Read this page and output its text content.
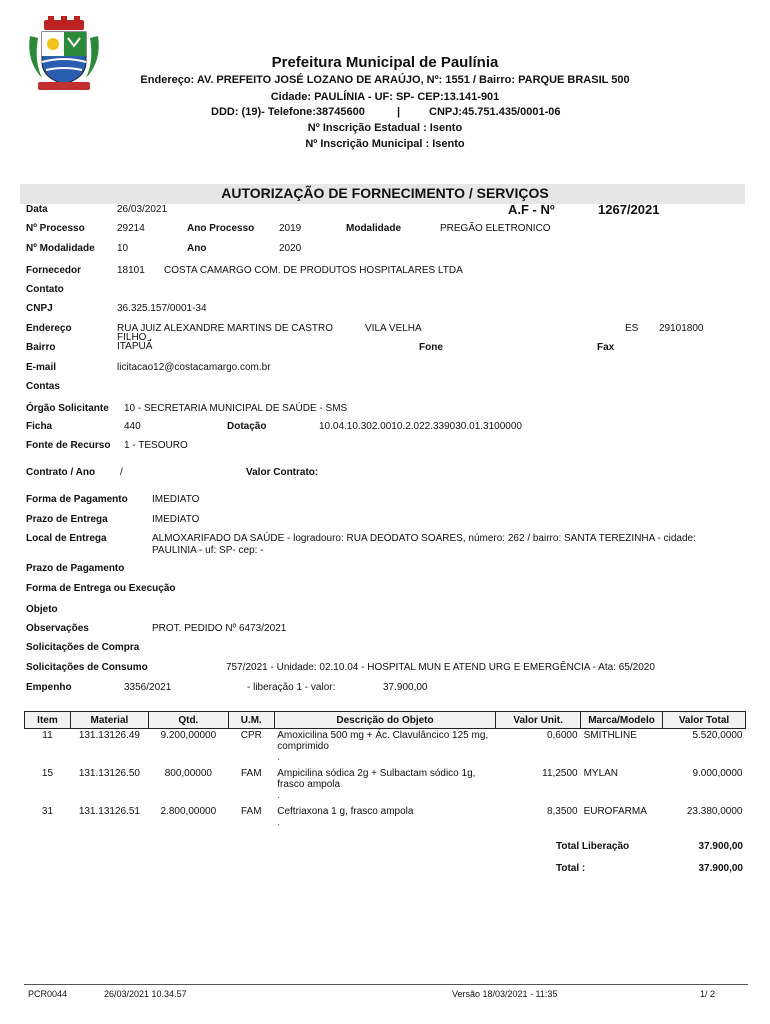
Prefeitura Municipal de Paulínia
Endereço: AV. PREFEITO JOSÉ LOZANO DE ARAÚJO, Nº: 1551 / Bairro: PARQUE BRASIL 500
Cidade: PAULÍNIA - UF: SP- CEP:13.141-901
DDD: (19)- Telefone:38745600	|	CNPJ:45.751.435/0001-06
Nº Inscrição Estadual : Isento
Nº Inscrição Municipal : Isento
AUTORIZAÇÃO DE FORNECIMENTO / SERVIÇOS
A.F - Nº	1267/2021
Data	26/03/2021
Nº Processo	29214	Ano Processo 2019	Modalidade	PREGÃO ELETRONICO
Nº Modalidade 10	Ano	2020
Fornecedor	18101 COSTA CAMARGO COM. DE PRODUTOS HOSPITALARES LTDA
Contato
CNPJ	36.325.157/0001-34
Endereço	RUA JUIZ ALEXANDRE MARTINS DE CASTRO
FILHO ,
VILA VELHA	ES 29101800
Bairro	ITAPUÃ	Fone	Fax
E-mail	licitacao12@costacamargo.com.br
Contas
Órgão Solicitante 10 - SECRETARIA MUNICIPAL DE SAÚDE - SMS
Ficha	440	Dotação	10.04.10.302.0010.2.022.339030.01.3100000
Fonte de Recurso 1 - TESOURO
Contrato / Ano /	Valor Contrato:
Forma de Pagamento IMEDIATO
Prazo de Entrega	IMEDIATO
Local de Entrega	ALMOXARIFADO DA SAÚDE - logradouro: RUA DEODATO SOARES, número: 262 / bairro: SANTA TEREZINHA - cidade:
PAULINIA - uf: SP- cep: -
Prazo de Pagamento
Forma de Entrega ou Execução
Objeto
Observações	PROT. PEDIDO Nº 6473/2021
Solicitações de Compra
Solicitações de Consumo	757/2021 - Unidade: 02.10.04 - HOSPITAL MUN E ATEND URG E EMERGÊNCIA - Ata: 65/2020
Empenho	3356/2021	- liberação 1 - valor:	37.900,00
Item	Material	Qtd.	U.M.	Descrição do Objeto	Valor Unit.	Marca/Modelo	Valor Total
11	131.13126.49	9.200,00000	CPR	Amoxicilina 500 mg + Ác. Clavulâncico 125 mg,
comprimido
.	0,6000	SMITHLINE	5.520,0000
15	131.13126.50	800,00000	FAM	Ampicilina sódica 2g + Sulbactam sódico 1g,
frasco ampola
.	11,2500	MYLAN	9.000,0000
31	131.13126.51	2.800,00000	FAM	Ceftriaxona 1 g, frasco ampola
.	8,3500	EUROFARMA	23.380,0000
Total Liberação	37.900,00
Total :	37.900,00
PCR0044	26/03/2021 10.34.57	Versão 18/03/2021 - 11:35	1/ 2
